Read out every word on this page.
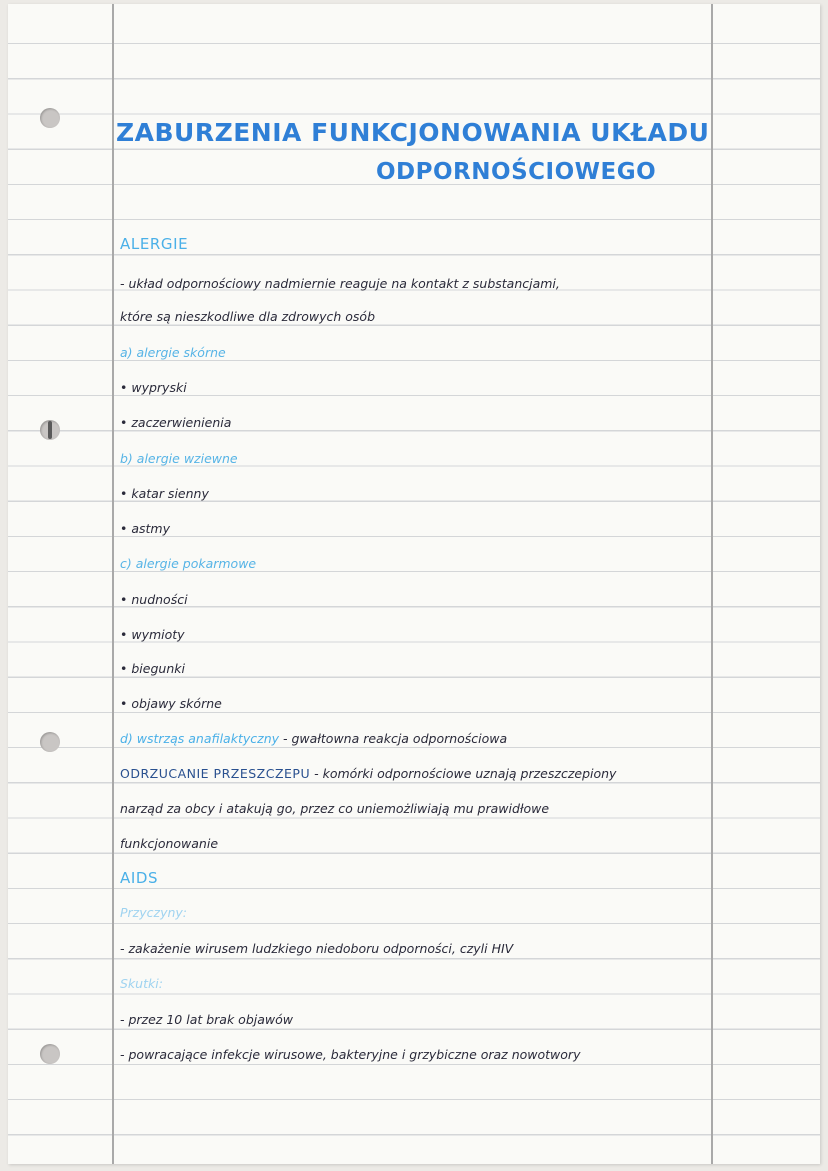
ZABURZENIA FUNKCJONOWANIA UKŁADU
ODPORNOŚCIOWEGO
ALERGIE
- układ odpornościowy nadmiernie reaguje na kontakt z substancjami,
które są nieszkodliwe dla zdrowych osób
a) alergie skórne
• wypryski
• zaczerwienienia
b) alergie wziewne
• katar sienny
• astmy
c) alergie pokarmowe
• nudności
• wymioty
• biegunki
• objawy skórne
d) wstrząs anafilaktyczny - gwałtowna reakcja odpornościowa
ODRZUCANIE PRZESZCZEPU - komórki odpornościowe uznają przeszczepiony
narząd za obcy i atakują go, przez co uniemożliwiają mu prawidłowe
funkcjonowanie
AIDS
Przyczyny:
- zakażenie wirusem ludzkiego niedoboru odporności, czyli HIV
Skutki:
- przez 10 lat brak objawów
- powracające infekcje wirusowe, bakteryjne i grzybiczne oraz nowotwory
